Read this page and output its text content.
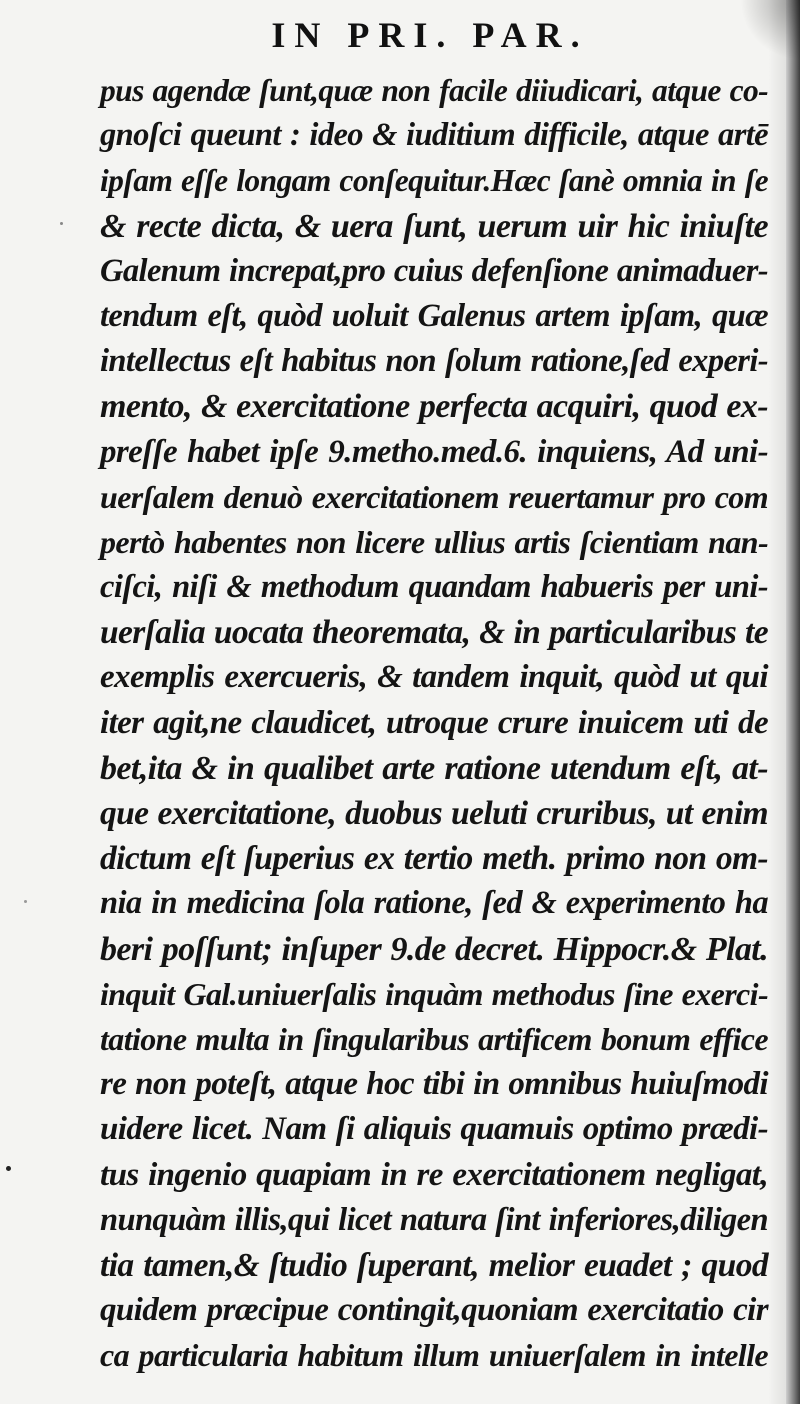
IN PRI. PAR.
pus agendæ ſunt,quæ non facile diiudicari, atque co-
gnoſci queunt : ideo & iuditium difficile, atque artē
ipſam eſſe longam conſequitur.Hæc ſanè omnia in ſe
& recte dicta, & uera ſunt, uerum uir hic iniuſte
Galenum increpat,pro cuius defenſione animaduer-
tendum eſt, quòd uoluit Galenus artem ipſam, quæ
intellectus eſt habitus non ſolum ratione,ſed experi-
mento, & exercitatione perfecta acquiri, quod ex-
preſſe habet ipſe 9.metho.med.6. inquiens, Ad uni-
uerſalem denuò exercitationem reuertamur pro com
pertò habentes non licere ullius artis ſcientiam nan-
ciſci, niſi & methodum quandam habueris per uni-
uerſalia uocata theoremata, & in particularibus te
exemplis exercueris, & tandem inquit, quòd ut qui
iter agit,ne claudicet, utroque crure inuicem uti de
bet,ita & in qualibet arte ratione utendum eſt, at-
que exercitatione, duobus ueluti cruribus, ut enim
dictum eſt ſuperius ex tertio meth. primo non om-
nia in medicina ſola ratione, ſed & experimento ha
beri poſſunt; inſuper 9.de decret. Hippocr.& Plat.
inquit Gal.uniuerſalis inquàm methodus ſine exerci-
tatione multa in ſingularibus artificem bonum effice
re non poteſt, atque hoc tibi in omnibus huiuſmodi
uidere licet. Nam ſi aliquis quamuis optimo prædi-
tus ingenio quapiam in re exercitationem negligat,
nunquàm illis,qui licet natura ſint inferiores,diligen
tia tamen,& ſtudio ſuperant, melior euadet ; quod
quidem præcipue contingit,quoniam exercitatio cir
ca particularia habitum illum uniuerſalem in intelle
